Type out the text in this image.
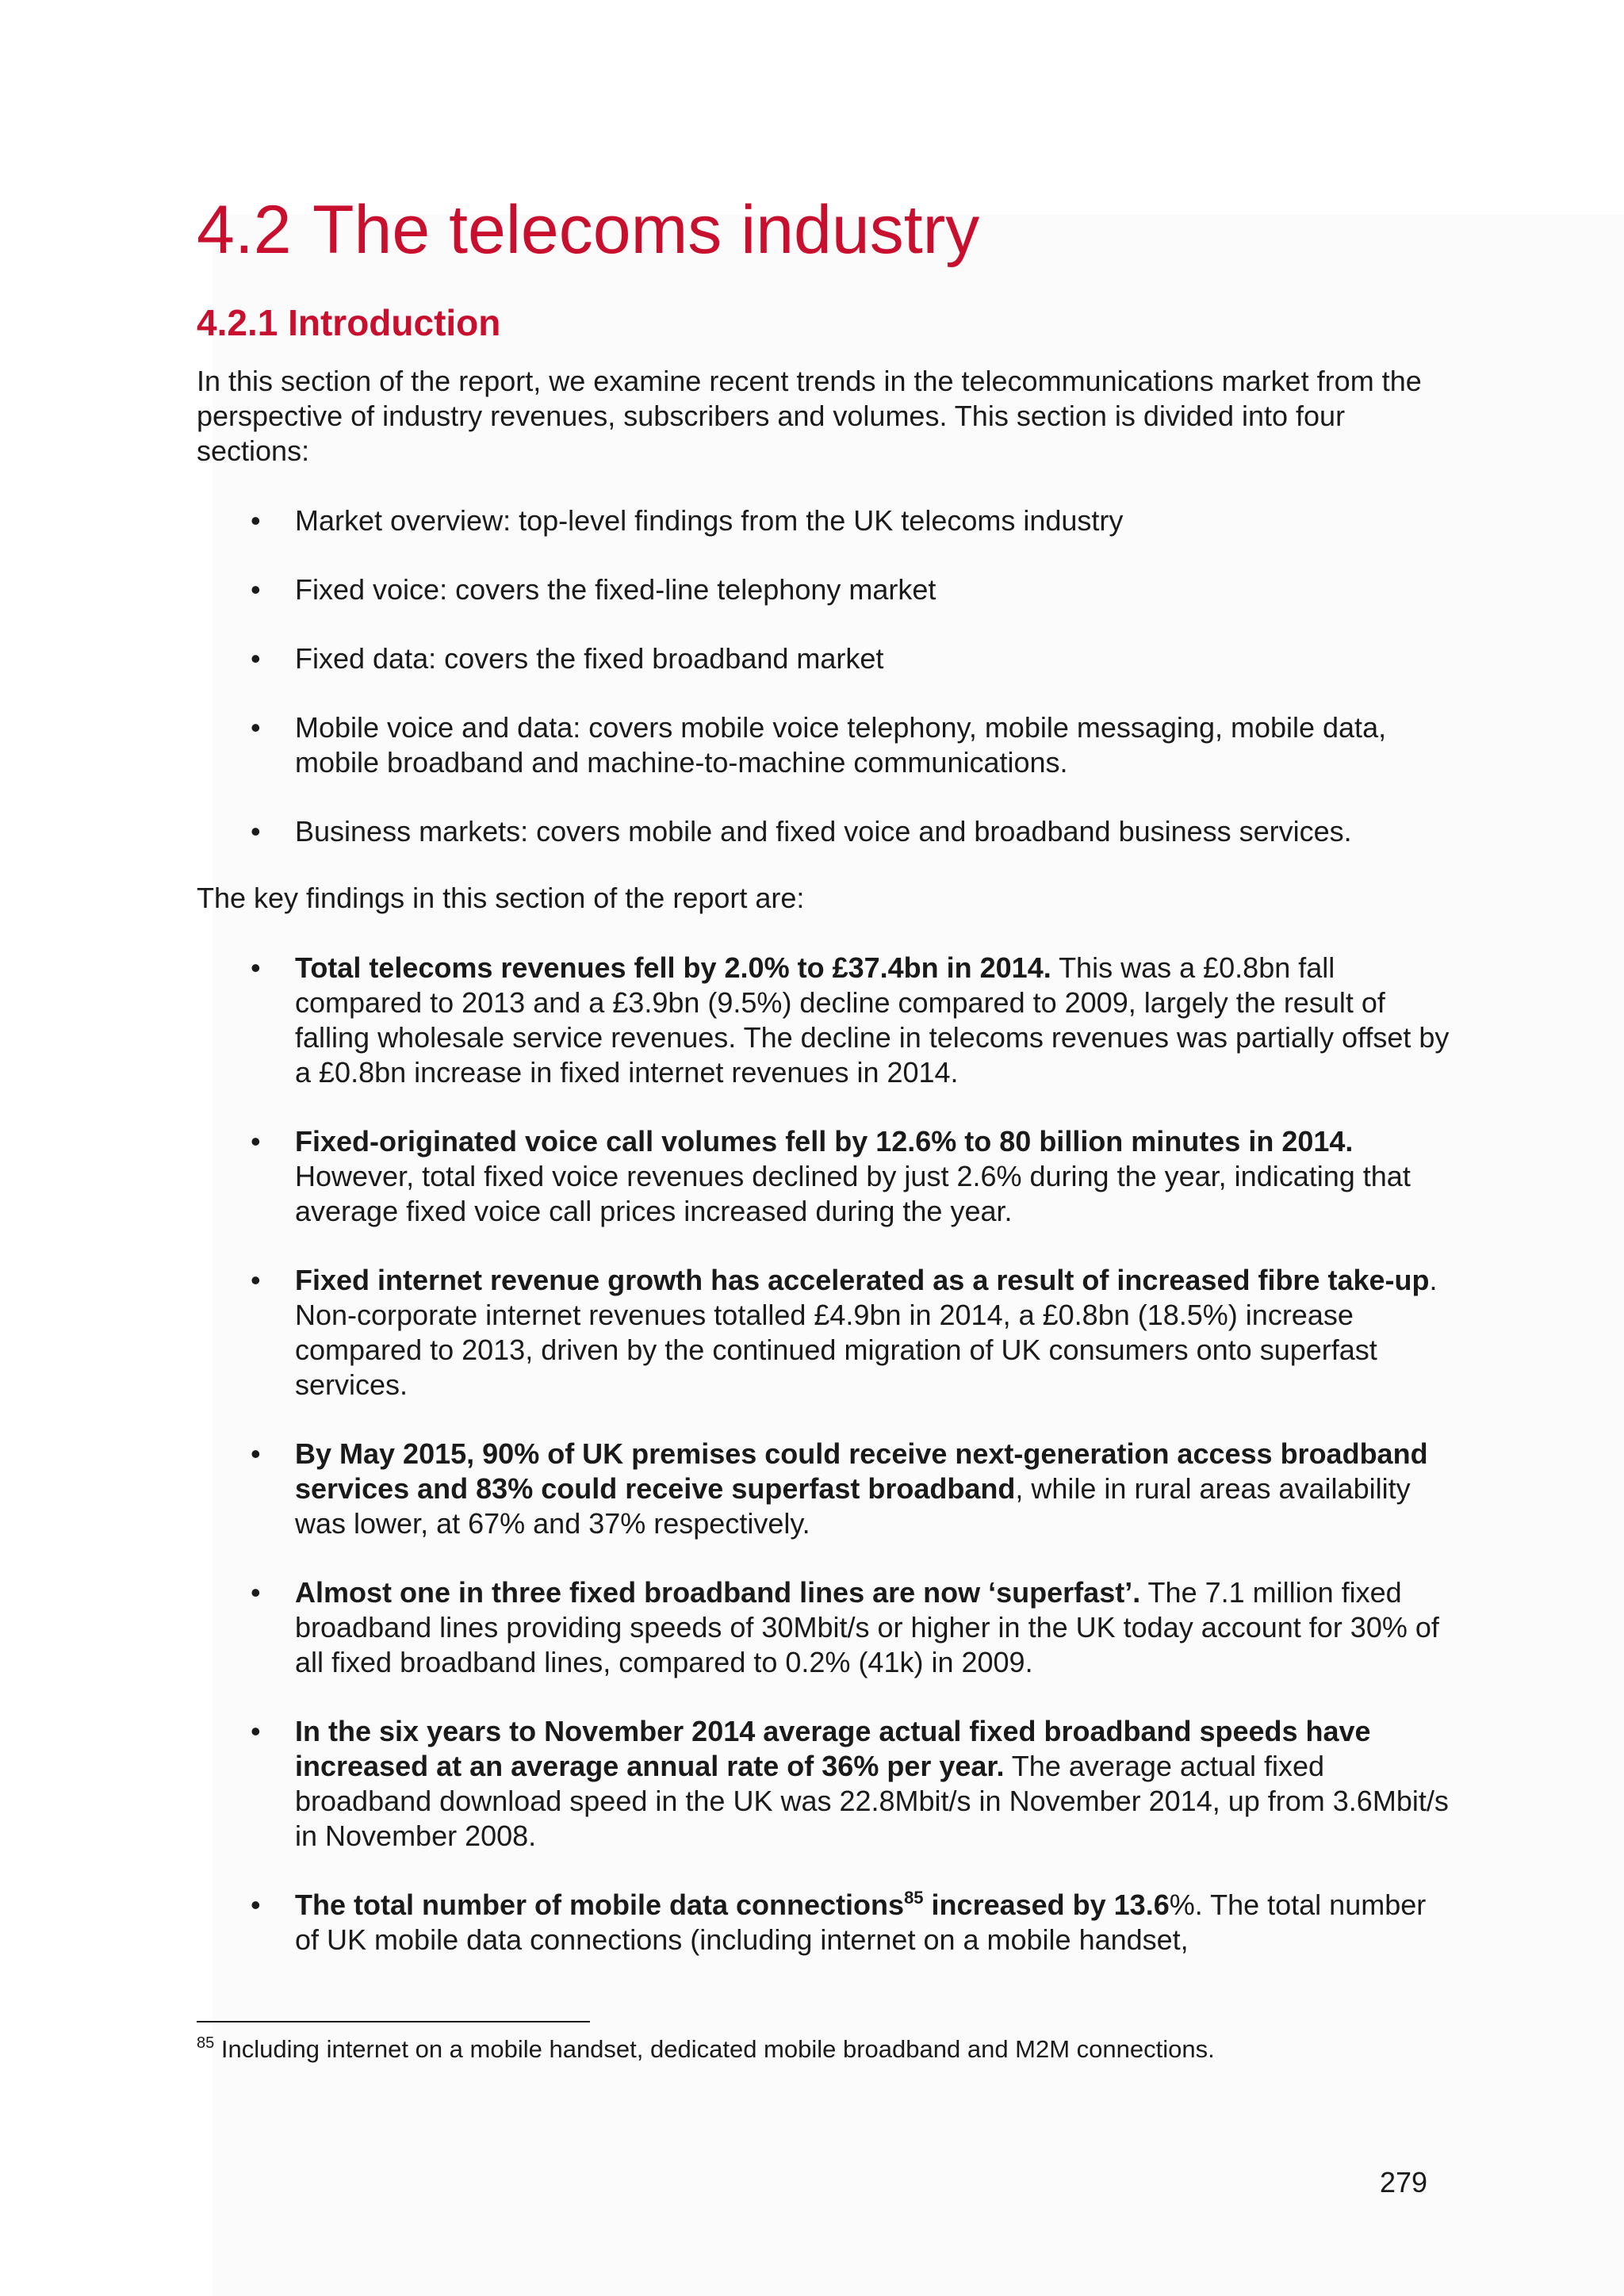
4.2 The telecoms industry
4.2.1 Introduction

In this section of the report, we examine recent trends in the telecommunications market from the perspective of industry revenues, subscribers and volumes. This section is divided into four sections:

•	Market overview: top-level findings from the UK telecoms industry
•	Fixed voice: covers the fixed-line telephony market
•	Fixed data: covers the fixed broadband market
•	Mobile voice and data: covers mobile voice telephony, mobile messaging, mobile data, mobile broadband and machine-to-machine communications.
•	Business markets: covers mobile and fixed voice and broadband business services.

The key findings in this section of the report are:

•	Total telecoms revenues fell by 2.0% to £37.4bn in 2014. This was a £0.8bn fall compared to 2013 and a £3.9bn (9.5%) decline compared to 2009, largely the result of falling wholesale service revenues. The decline in telecoms revenues was partially offset by a £0.8bn increase in fixed internet revenues in 2014.
•	Fixed-originated voice call volumes fell by 12.6% to 80 billion minutes in 2014. However, total fixed voice revenues declined by just 2.6% during the year, indicating that average fixed voice call prices increased during the year.
•	Fixed internet revenue growth has accelerated as a result of increased fibre take-up. Non-corporate internet revenues totalled £4.9bn in 2014, a £0.8bn (18.5%) increase compared to 2013, driven by the continued migration of UK consumers onto superfast services.
•	By May 2015, 90% of UK premises could receive next-generation access broadband services and 83% could receive superfast broadband, while in rural areas availability was lower, at 67% and 37% respectively.
•	Almost one in three fixed broadband lines are now ‘superfast’. The 7.1 million fixed broadband lines providing speeds of 30Mbit/s or higher in the UK today account for 30% of all fixed broadband lines, compared to 0.2% (41k) in 2009.
•	In the six years to November 2014 average actual fixed broadband speeds have increased at an average annual rate of 36% per year. The average actual fixed broadband download speed in the UK was 22.8Mbit/s in November 2014, up from 3.6Mbit/s in November 2008.
•	The total number of mobile data connections$^{85}$ increased by 13.6%. The total number of UK mobile data connections (including internet on a mobile handset,

$^{85}$ Including internet on a mobile handset, dedicated mobile broadband and M2M connections.

279
